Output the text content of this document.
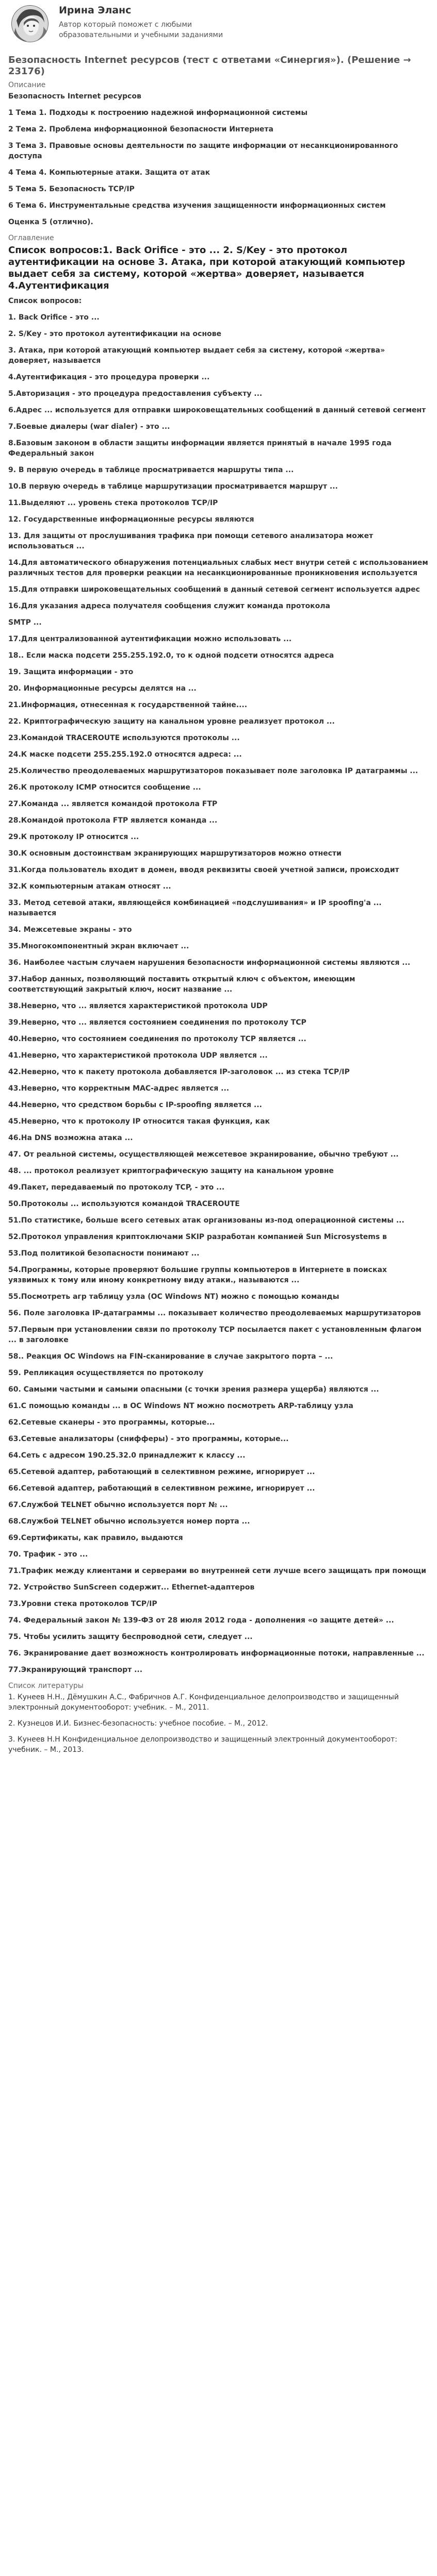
Ирина Эланс
Автор который поможет с любыми образовательными и учебными заданиями
Безопасность Internet ресурсов (тест с ответами «Синергия»). (Решение → 23176)
Описание
Безопасность Internet ресурсов
1 Тема 1. Подходы к построению надежной информационной системы
2 Тема 2. Проблема информационной безопасности Интернета
3 Тема 3. Правовые основы деятельности по защите информации от несанкционированного доступа
4 Тема 4. Компьютерные атаки. Защита от атак
5 Тема 5. Безопасность TCP/IP
6 Тема 6. Инструментальные средства изучения защищенности информационных систем
Оценка 5 (отлично).
Оглавление
Список вопросов:1. Back Orifice - это ... 2. S/Key - это протокол аутентификации на основе 3. Атака, при которой атакующий компьютер выдает себя за систему, которой «жертва» доверяет, называется 4.Аутентификация
Список вопросов:
1. Back Orifice - это ...
2. S/Key - это протокол аутентификации на основе
3. Атака, при которой атакующий компьютер выдает себя за систему, которой «жертва» доверяет, называется
4.Аутентификация - это процедура проверки ...
5.Авторизация - это процедура предоставления субъекту ...
6.Адрес ... используется для отправки широковещательных сообщений в данный сетевой сегмент
7.Боевые диалеры (war dialer) - это ...
8.Базовым законом в области защиты информации является принятый в начале 1995 года Федеральный закон
9. В первую очередь в таблице просматривается маршруты типа ...
10.В первую очередь в таблице маршрутизации просматривается маршрут ...
11.Выделяют ... уровень стека протоколов TCP/IP
12. Государственные информационные ресурсы являются
13. Для защиты от прослушивания трафика при помощи сетевого анализатора может использоваться ...
14.Для автоматического обнаружения потенциальных слабых мест внутри сетей с использованием различных тестов для проверки реакции на несанкционированные проникновения используется
15.Для отправки широковещательных сообщений в данный сетевой сегмент используется адрес
16.Для указания адреса получателя сообщения служит команда протокола
SMTP ...
17.Для централизованной аутентификации можно использовать ...
18.. Если маска подсети 255.255.192.0, то к одной подсети относятся адреса
19. Защита информации - это
20. Информационные ресурсы делятся на ...
21.Информация, отнесенная к государственной тайне....
22. Криптографическую защиту на канальном уровне реализует протокол ...
23.Командой TRACEROUTE используются протоколы ...
24.К маске подсети 255.255.192.0 относятся адреса: ...
25.Количество преодолеваемых маршрутизаторов показывает поле заголовка IP датаграммы ...
26.К протоколу ICMP относится сообщение ...
27.Команда ... является командой протокола FTP
28.Командой протокола FTP является команда ...
29.К протоколу IP относится ...
30.К основным достоинствам экранирующих маршрутизаторов можно отнести
31.Когда пользователь входит в домен, вводя реквизиты своей учетной записи, происходит
32.К компьютерным атакам относят ...
33. Метод сетевой атаки, являющейся комбинацией «подслушивания» и IP spoofing'a ... называется
34. Межсетевые экраны - это
35.Многокомпонентный экран включает ...
36. Наиболее частым случаем нарушения безопасности информационной системы являются ...
37.Набор данных, позволяющий поставить открытый ключ с объектом, имеющим соответствующий закрытый ключ, носит название ...
38.Неверно, что ... является характеристикой протокола UDP
39.Неверно, что ... является состоянием соединения по протоколу TCP
40.Неверно, что состоянием соединения по протоколу TCP является ...
41.Неверно, что характеристикой протокола UDP является ...
42.Неверно, что к пакету протокола добавляется IP-заголовок ... из стека TCP/IP
43.Неверно, что корректным МАС-адрес является ...
44.Неверно, что средством борьбы с IP-spoofing является ...
45.Неверно, что к протоколу IP относится такая функция, как
46.На DNS возможна атака ...
47. От реальной системы, осуществляющей межсетевое экранирование, обычно требуют ...
48. ... протокол реализует криптографическую защиту на канальном уровне
49.Пакет, передаваемый по протоколу TCP, - это ...
50.Протоколы ... используются командой TRACEROUTE
51.По статистике, больше всего сетевых атак организованы из-под операционной системы ...
52.Протокол управления криптоключами SKIP разработан компанией Sun Microsystems в
53.Под политикой безопасности понимают ...
54.Программы, которые проверяют большие группы компьютеров в Интернете в поисках уязвимых к тому или иному конкретному виду атаки., называются ...
55.Посмотреть агр таблицу узла (OC Windows NT) можно с помощью команды
56. Поле заголовка IP-датаграммы ... показывает количество преодолеваемых маршрутизаторов
57.Первым при установлении связи по протоколу TCP посылается пакет с установленным флагом ... в заголовке
58.. Реакция OC Windows на FIN-сканирование в случае закрытого порта – ...
59. Репликация осуществляется по протоколу
60. Самыми частыми и самыми опасными (с точки зрения размера ущерба) являются ...
61.С помощью команды ... в ОС Windows NT можно посмотреть ARP-таблицу узла
62.Сетевые сканеры - это программы, которые...
63.Сетевые анализаторы (снифферы) - это программы, которые...
64.Сеть с адресом 190.25.32.0 принадлежит к классу ...
65.Сетевой адаптер, работающий в селективном режиме, игнорирует ...
66.Сетевой адаптер, работающий в селективном режиме, игнорирует ...
67.Службой TELNET обычно используется порт № ...
68.Службой TELNET обычно используется номер порта ...
69.Сертификаты, как правило, выдаются
70. Трафик - это ...
71.Трафик между клиентами и серверами во внутренней сети лучше всего защищать при помощи
72. Устройство SunScreen содержит... Ethernet-адаптеров
73.Уровни стека протоколов TCP/IP
74. Федеральный закон № 139-ФЗ от 28 июля 2012 года - дополнения «о защите детей» ...
75. Чтобы усилить защиту беспроводной сети, следует ...
76. Экранирование дает возможность контролировать информационные потоки, направленные ...
77.Экранирующий транспорт ...
Список литературы
1. Кунеев Н.Н., Дёмушкин А.С., Фабричнов А.Г. Конфиденциальное делопроизводство и защищенный электронный документооборот: учебник. – М., 2011.
2. Кузнецов И.И. Бизнес-безопасность: учебное пособие. – М., 2012.
3. Кунеев Н.Н Конфиденциальное делопроизводство и защищенный электронный документооборот: учебник. – М., 2013.
